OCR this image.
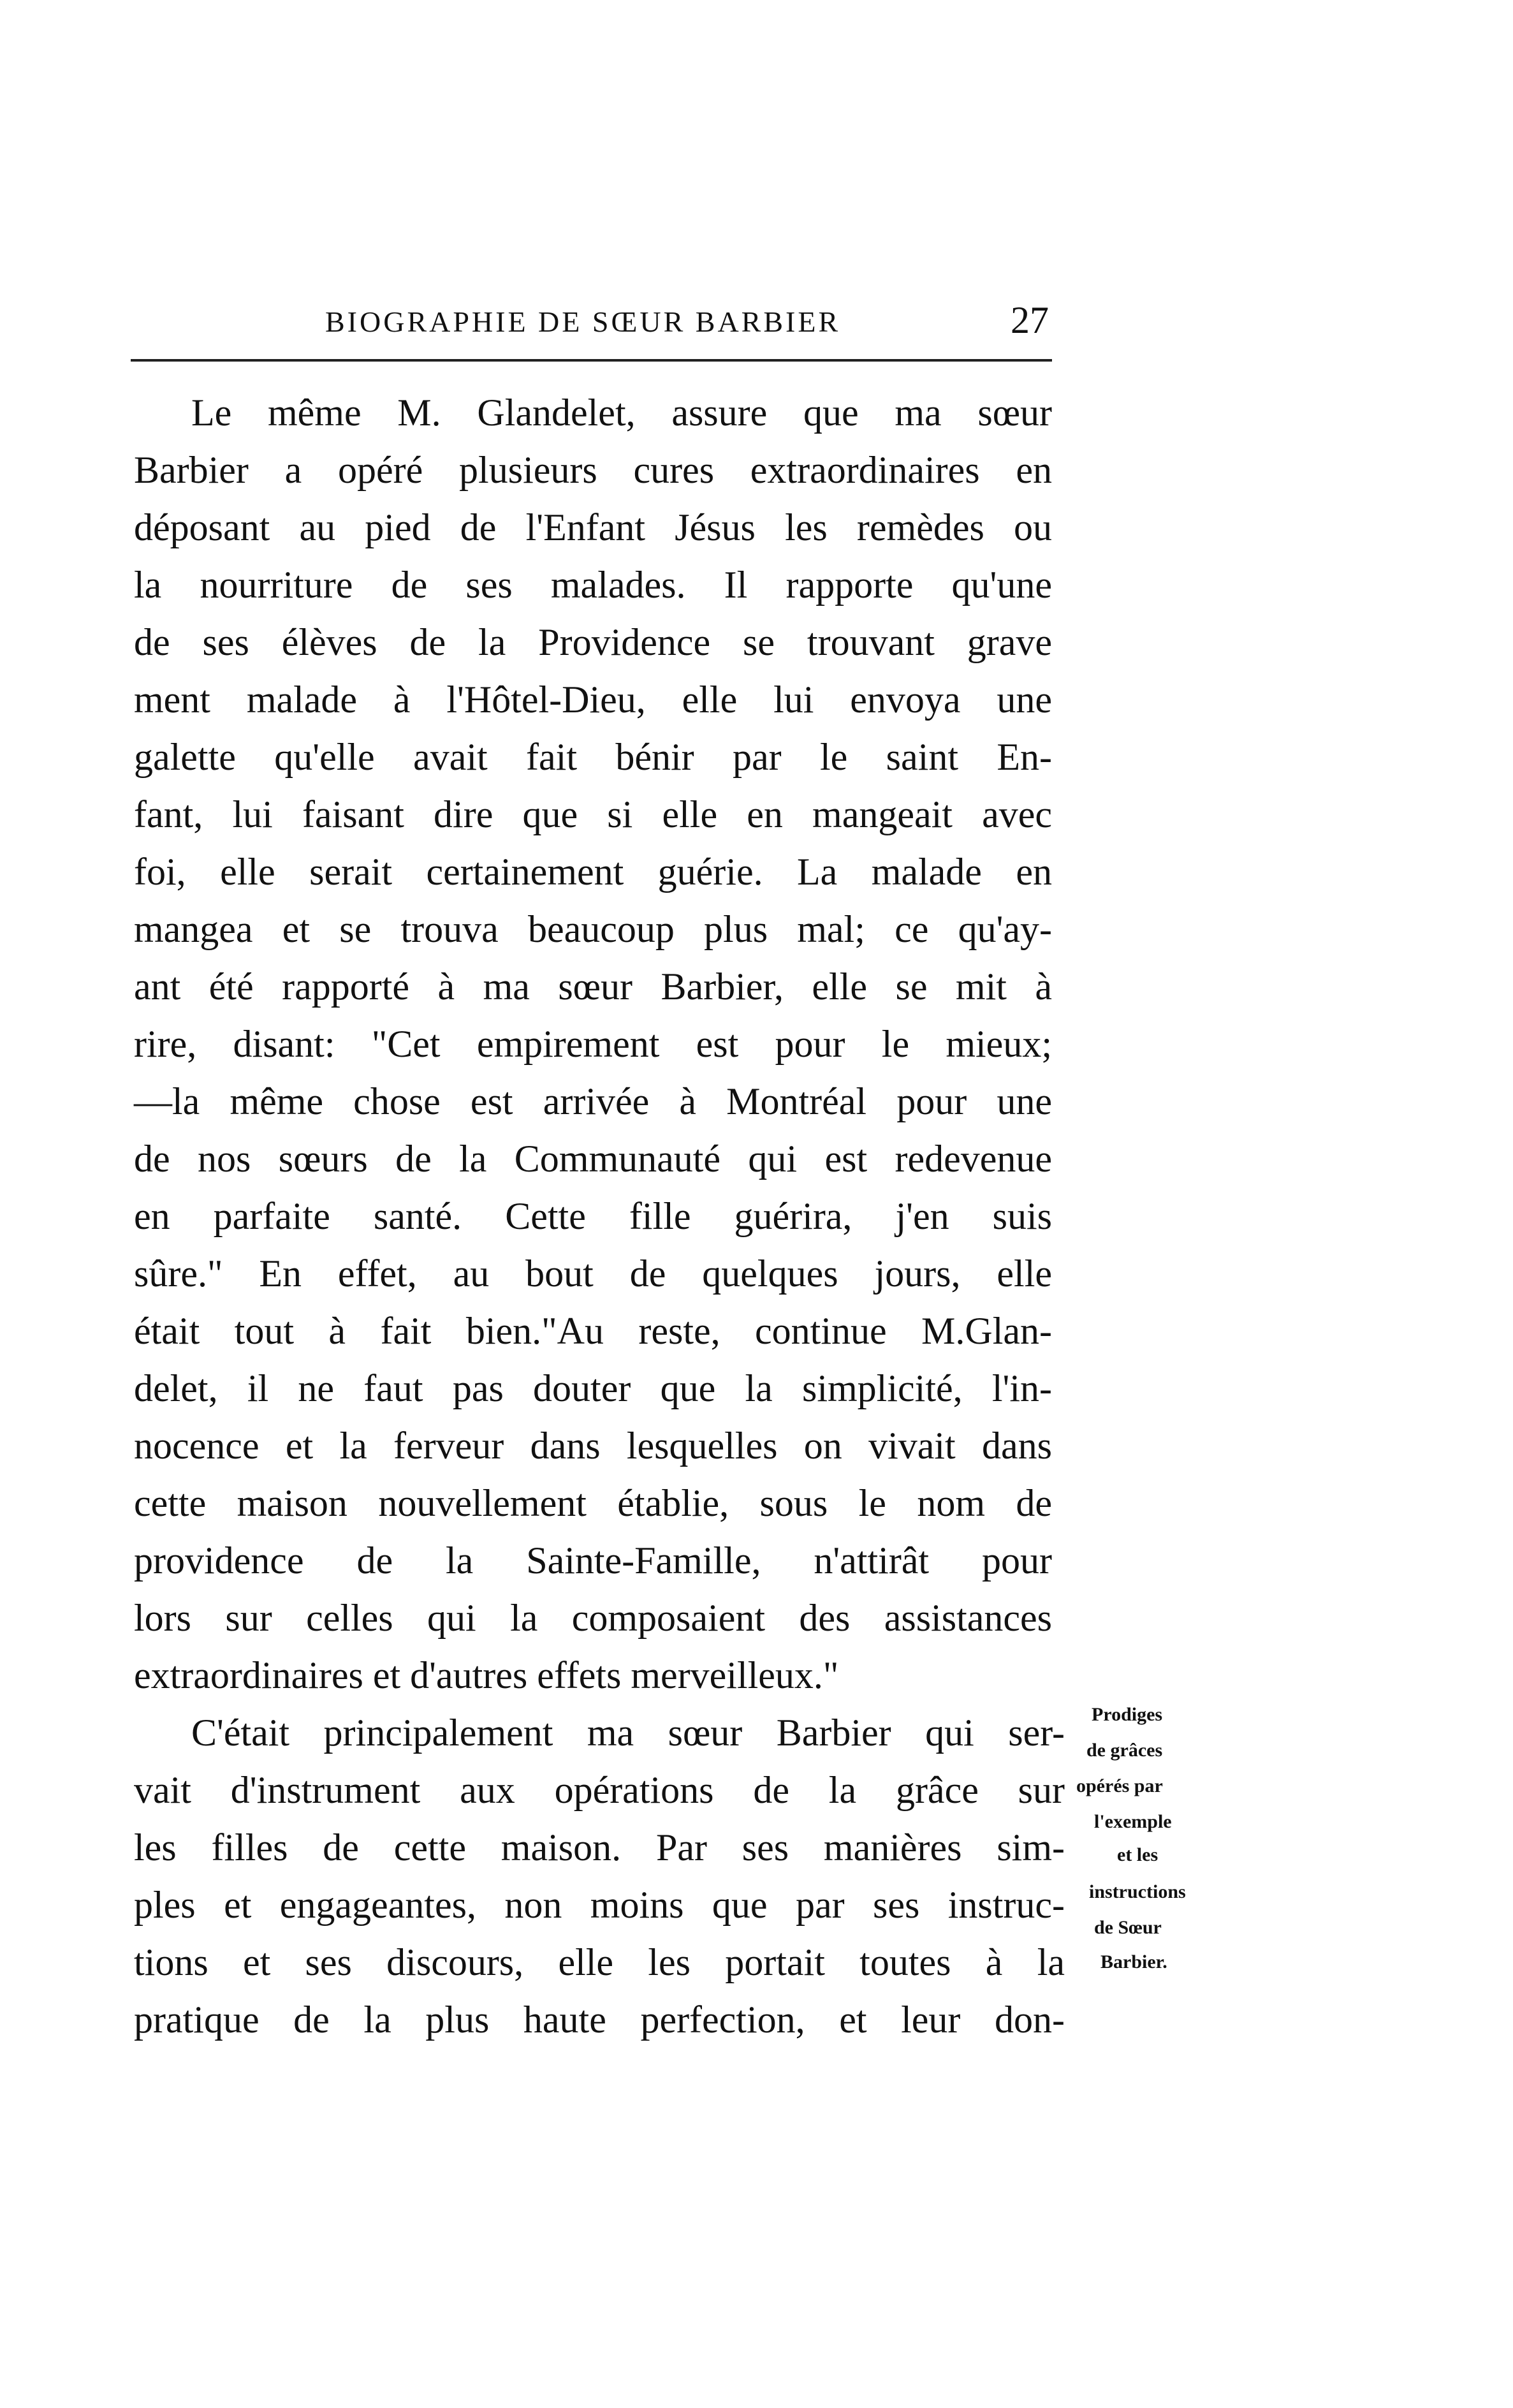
BIOGRAPHIE DE SŒUR BARBIER	27
Le même M. Glandelet, assure que ma sœur
Barbier a opéré plusieurs cures extraordinaires en
déposant au pied de l'Enfant Jésus les remèdes ou
la nourriture de ses malades. Il rapporte qu'une
de ses élèves de la Providence se trouvant grave
ment malade à l'Hôtel-Dieu, elle lui envoya une
galette qu'elle avait fait bénir par le saint En-
fant, lui faisant dire que si elle en mangeait avec
foi, elle serait certainement guérie. La malade en
mangea et se trouva beaucoup plus mal; ce qu'ay-
ant été rapporté à ma sœur Barbier, elle se mit à
rire, disant: "Cet empirement est pour le mieux;
—la même chose est arrivée à Montréal pour une
de nos sœurs de la Communauté qui est redevenue
en parfaite santé. Cette fille guérira, j'en suis
sûre." En effet, au bout de quelques jours, elle
était tout à fait bien."Au reste, continue M.Glan-
delet, il ne faut pas douter que la simplicité, l'in-
nocence et la ferveur dans lesquelles on vivait dans
cette maison nouvellement établie, sous le nom de
providence de la Sainte-Famille, n'attirât pour
lors sur celles qui la composaient des assistances
extraordinaires et d'autres effets merveilleux."
C'était principalement ma sœur Barbier qui ser-
vait d'instrument aux opérations de la grâce sur
les filles de cette maison. Par ses manières sim-
ples et engageantes, non moins que par ses instruc-
tions et ses discours, elle les portait toutes à la
pratique de la plus haute perfection, et leur don-
Prodiges
de grâces
opérés par
l'exemple
et les
instructions
de Sœur
Barbier.
